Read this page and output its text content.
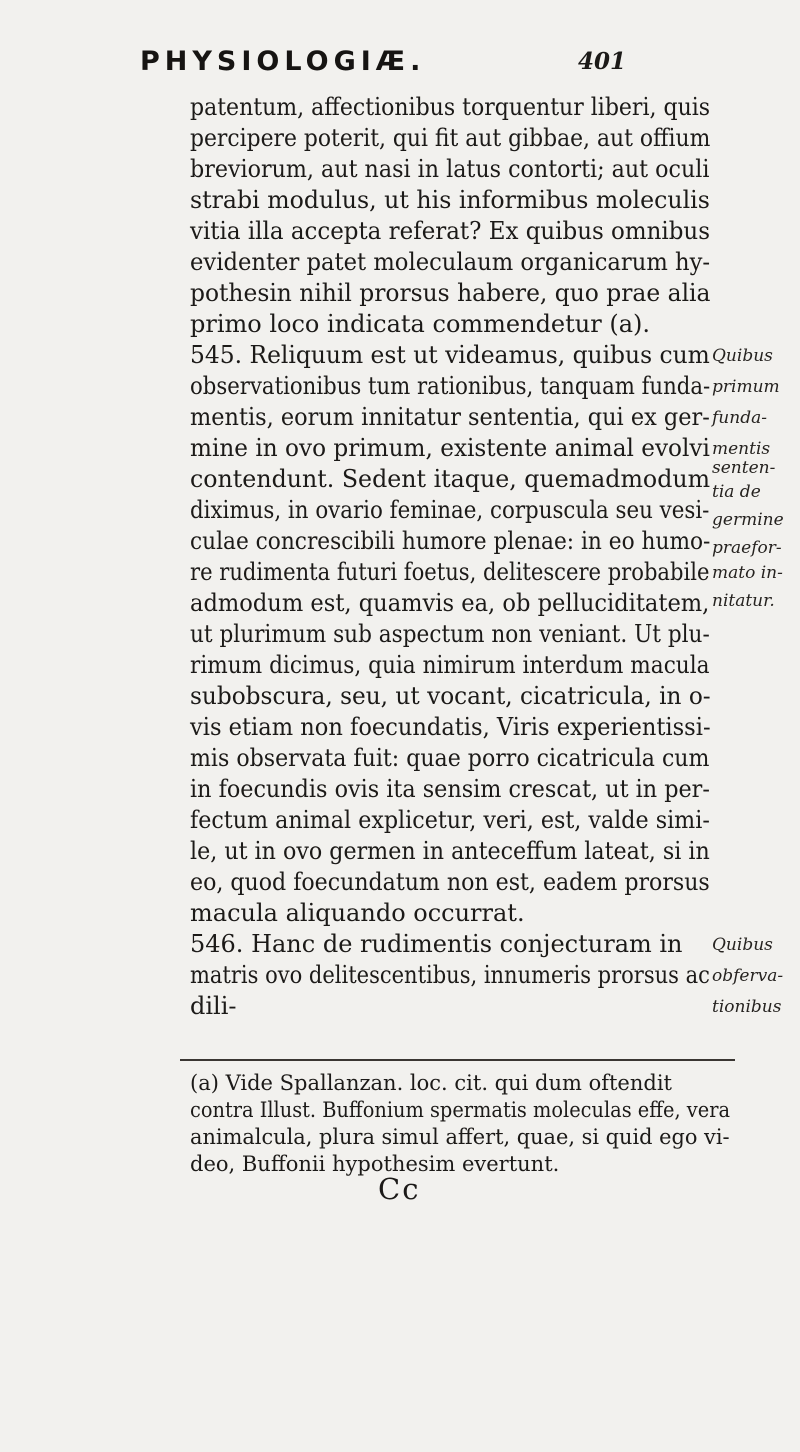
PHYSIOLOGIÆ.	401
patentum, affectionibus torquentur liberi, quis
percipere poterit, qui fit aut gibbae, aut offium
breviorum, aut nasi in latus contorti; aut oculi
strabi modulus, ut his informibus moleculis
vitia illa accepta referat? Ex quibus omnibus
evidenter patet moleculaum organicarum hy-
pothesin nihil prorsus habere, quo prae alia
primo loco indicata commendetur (a).
545. Reliquum est ut videamus, quibus cum
observationibus tum rationibus, tanquam funda-
mentis, eorum innitatur sententia, qui ex ger-
mine in ovo primum, existente animal evolvi
contendunt. Sedent itaque, quemadmodum
diximus, in ovario feminae, corpuscula seu vesi-
culae concrescibili humore plenae: in eo humo-
re rudimenta futuri foetus, delitescere probabile
admodum est, quamvis ea, ob pelluciditatem,
ut plurimum sub aspectum non veniant. Ut plu-
rimum dicimus, quia nimirum interdum macula
subobscura, seu, ut vocant, cicatricula, in o-
vis etiam non foecundatis, Viris experientissi-
mis observata fuit: quae porro cicatricula cum
in foecundis ovis ita sensim crescat, ut in per-
fectum animal explicetur, veri, est, valde simi-
le, ut in ovo germen in anteceffum lateat, si in
eo, quod foecundatum non est, eadem prorsus
macula aliquando occurrat.
546. Hanc de rudimentis conjecturam in
matris ovo delitescentibus, innumeris prorsus ac
dili-
Quibus
primum
funda-
mentis
senten-
tia de
germine
praefor-
mato in-
nitatur.
Quibus
obferva-
tionibus
(a) Vide Spallanzan. loc. cit. qui dum oftendit
contra Illust. Buffonium spermatis moleculas effe, vera
animalcula, plura simul affert, quae, si quid ego vi-
deo, Buffonii hypothesim evertunt.
Cc
